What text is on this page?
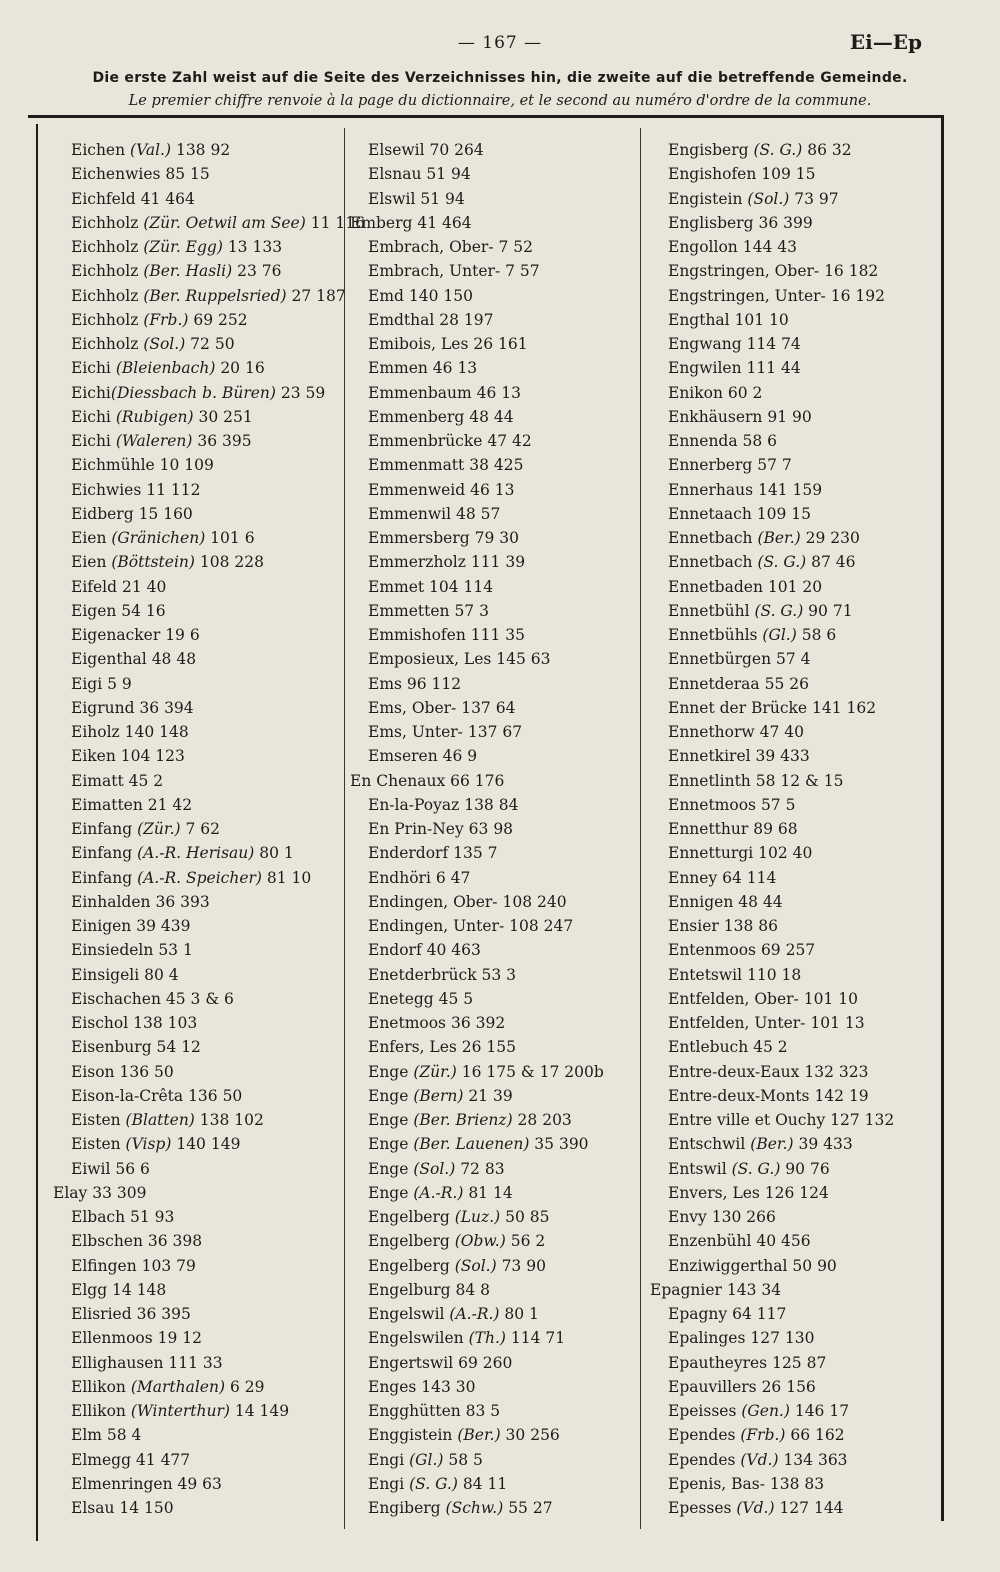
— 167 —	Ei—Ep
Die erste Zahl weist auf die Seite des Verzeichnisses hin, die zweite auf die betreffende Gemeinde.
Le premier chiffre renvoie à la page du dictionnaire, et le second au numéro d'ordre de la commune.
Eichen (Val.) 138 92
Eichenwies 85 15
Eichfeld 41 464
Eichholz (Zür. Oetwil am See) 11 116
Eichholz (Zür. Egg) 13 133
Eichholz (Ber. Hasli) 23 76
Eichholz (Ber. Ruppelsried) 27 187
Eichholz (Frb.) 69 252
Eichholz (Sol.) 72 50
Eichi (Bleienbach) 20 16
Eichi(Diessbach b. Büren) 23 59
Eichi (Rubigen) 30 251
Eichi (Waleren) 36 395
Eichmühle 10 109
Eichwies 11 112
Eidberg 15 160
Eien (Gränichen) 101 6
Eien (Böttstein) 108 228
Eifeld 21 40
Eigen 54 16
Eigenacker 19 6
Eigenthal 48 48
Eigi 5 9
Eigrund 36 394
Eiholz 140 148
Eiken 104 123
Eimatt 45 2
Eimatten 21 42
Einfang (Zür.) 7 62
Einfang (A.-R. Herisau) 80 1
Einfang (A.-R. Speicher) 81 10
Einhalden 36 393
Einigen 39 439
Einsiedeln 53 1
Einsigeli 80 4
Eischachen 45 3 & 6
Eischol 138 103
Eisenburg 54 12
Eison 136 50
Eison-la-Crêta 136 50
Eisten (Blatten) 138 102
Eisten (Visp) 140 149
Eiwil 56 6
Elay 33 309
Elbach 51 93
Elbschen 36 398
Elfingen 103 79
Elgg 14 148
Elisried 36 395
Ellenmoos 19 12
Ellighausen 111 33
Ellikon (Marthalen) 6 29
Ellikon (Winterthur) 14 149
Elm 58 4
Elmegg 41 477
Elmenringen 49 63
Elsau 14 150
Elsewil 70 264
Elsnau 51 94
Elswil 51 94
Emberg 41 464
Embrach, Ober- 7 52
Embrach, Unter- 7 57
Emd 140 150
Emdthal 28 197
Emibois, Les 26 161
Emmen 46 13
Emmenbaum 46 13
Emmenberg 48 44
Emmenbrücke 47 42
Emmenmatt 38 425
Emmenweid 46 13
Emmenwil 48 57
Emmersberg 79 30
Emmerzholz 111 39
Emmet 104 114
Emmetten 57 3
Emmishofen 111 35
Emposieux, Les 145 63
Ems 96 112
Ems, Ober- 137 64
Ems, Unter- 137 67
Emseren 46 9
En Chenaux 66 176
En-la-Poyaz 138 84
En Prin-Ney 63 98
Enderdorf 135 7
Endhöri 6 47
Endingen, Ober- 108 240
Endingen, Unter- 108 247
Endorf 40 463
Enetderbrück 53 3
Enetegg 45 5
Enetmoos 36 392
Enfers, Les 26 155
Enge (Zür.) 16 175 & 17 200b
Enge (Bern) 21 39
Enge (Ber. Brienz) 28 203
Enge (Ber. Lauenen) 35 390
Enge (Sol.) 72 83
Enge (A.-R.) 81 14
Engelberg (Luz.) 50 85
Engelberg (Obw.) 56 2
Engelberg (Sol.) 73 90
Engelburg 84 8
Engelswil (A.-R.) 80 1
Engelswilen (Th.) 114 71
Engertswil 69 260
Enges 143 30
Engghütten 83 5
Enggistein (Ber.) 30 256
Engi (Gl.) 58 5
Engi (S. G.) 84 11
Engiberg (Schw.) 55 27
Engisberg (S. G.) 86 32
Engishofen 109 15
Engistein (Sol.) 73 97
Englisberg 36 399
Engollon 144 43
Engstringen, Ober- 16 182
Engstringen, Unter- 16 192
Engthal 101 10
Engwang 114 74
Engwilen 111 44
Enikon 60 2
Enkhäusern 91 90
Ennenda 58 6
Ennerberg 57 7
Ennerhaus 141 159
Ennetaach 109 15
Ennetbach (Ber.) 29 230
Ennetbach (S. G.) 87 46
Ennetbaden 101 20
Ennetbühl (S. G.) 90 71
Ennetbühls (Gl.) 58 6
Ennetbürgen 57 4
Ennetderaa 55 26
Ennet der Brücke 141 162
Ennethorw 47 40
Ennetkirel 39 433
Ennetlinth 58 12 & 15
Ennetmoos 57 5
Ennetthur 89 68
Ennetturgi 102 40
Enney 64 114
Ennigen 48 44
Ensier 138 86
Entenmoos 69 257
Entetswil 110 18
Entfelden, Ober- 101 10
Entfelden, Unter- 101 13
Entlebuch 45 2
Entre-deux-Eaux 132 323
Entre-deux-Monts 142 19
Entre ville et Ouchy 127 132
Entschwil (Ber.) 39 433
Entswil (S. G.) 90 76
Envers, Les 126 124
Envy 130 266
Enzenbühl 40 456
Enziwiggerthal 50 90
Epagnier 143 34
Epagny 64 117
Epalinges 127 130
Epautheyres 125 87
Epauvillers 26 156
Epeisses (Gen.) 146 17
Ependes (Frb.) 66 162
Ependes (Vd.) 134 363
Epenis, Bas- 138 83
Epesses (Vd.) 127 144
